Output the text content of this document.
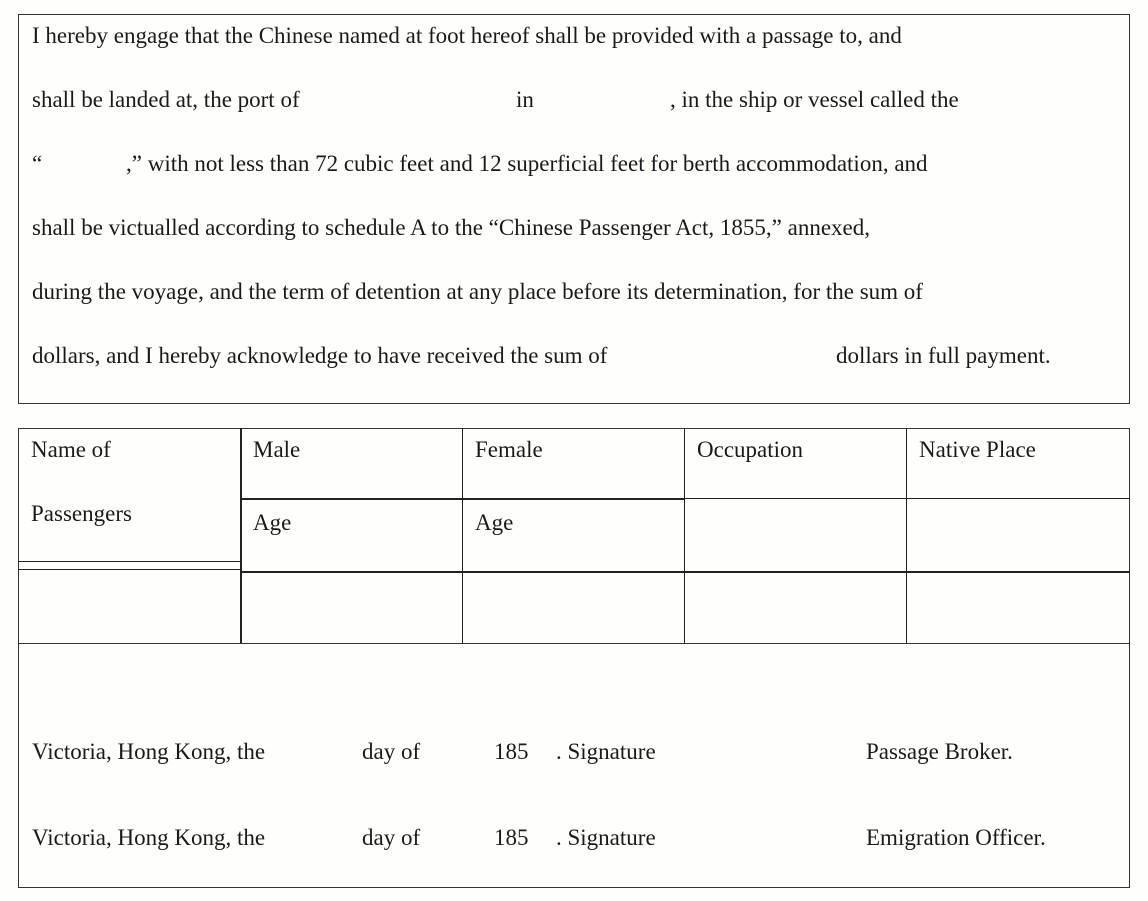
I hereby engage that the Chinese named at foot hereof shall be provided with a passage to, and
shall be landed at, the port of	in	, in the ship or vessel called the
“	,” with not less than 72 cubic feet and 12 superficial feet for berth accommodation, and
shall be victualled according to schedule A to the “Chinese Passenger Act, 1855,” annexed,
during the voyage, and the term of detention at any place before its determination, for the sum of
dollars, and I hereby acknowledge to have received the sum of	dollars in full payment.
Name of
Passengers
Male	Female	Occupation	Native Place
Age	Age
Victoria, Hong Kong, the	day of	185 . Signature	Passage Broker.
Victoria, Hong Kong, the	day of	185 . Signature	Emigration Officer.
